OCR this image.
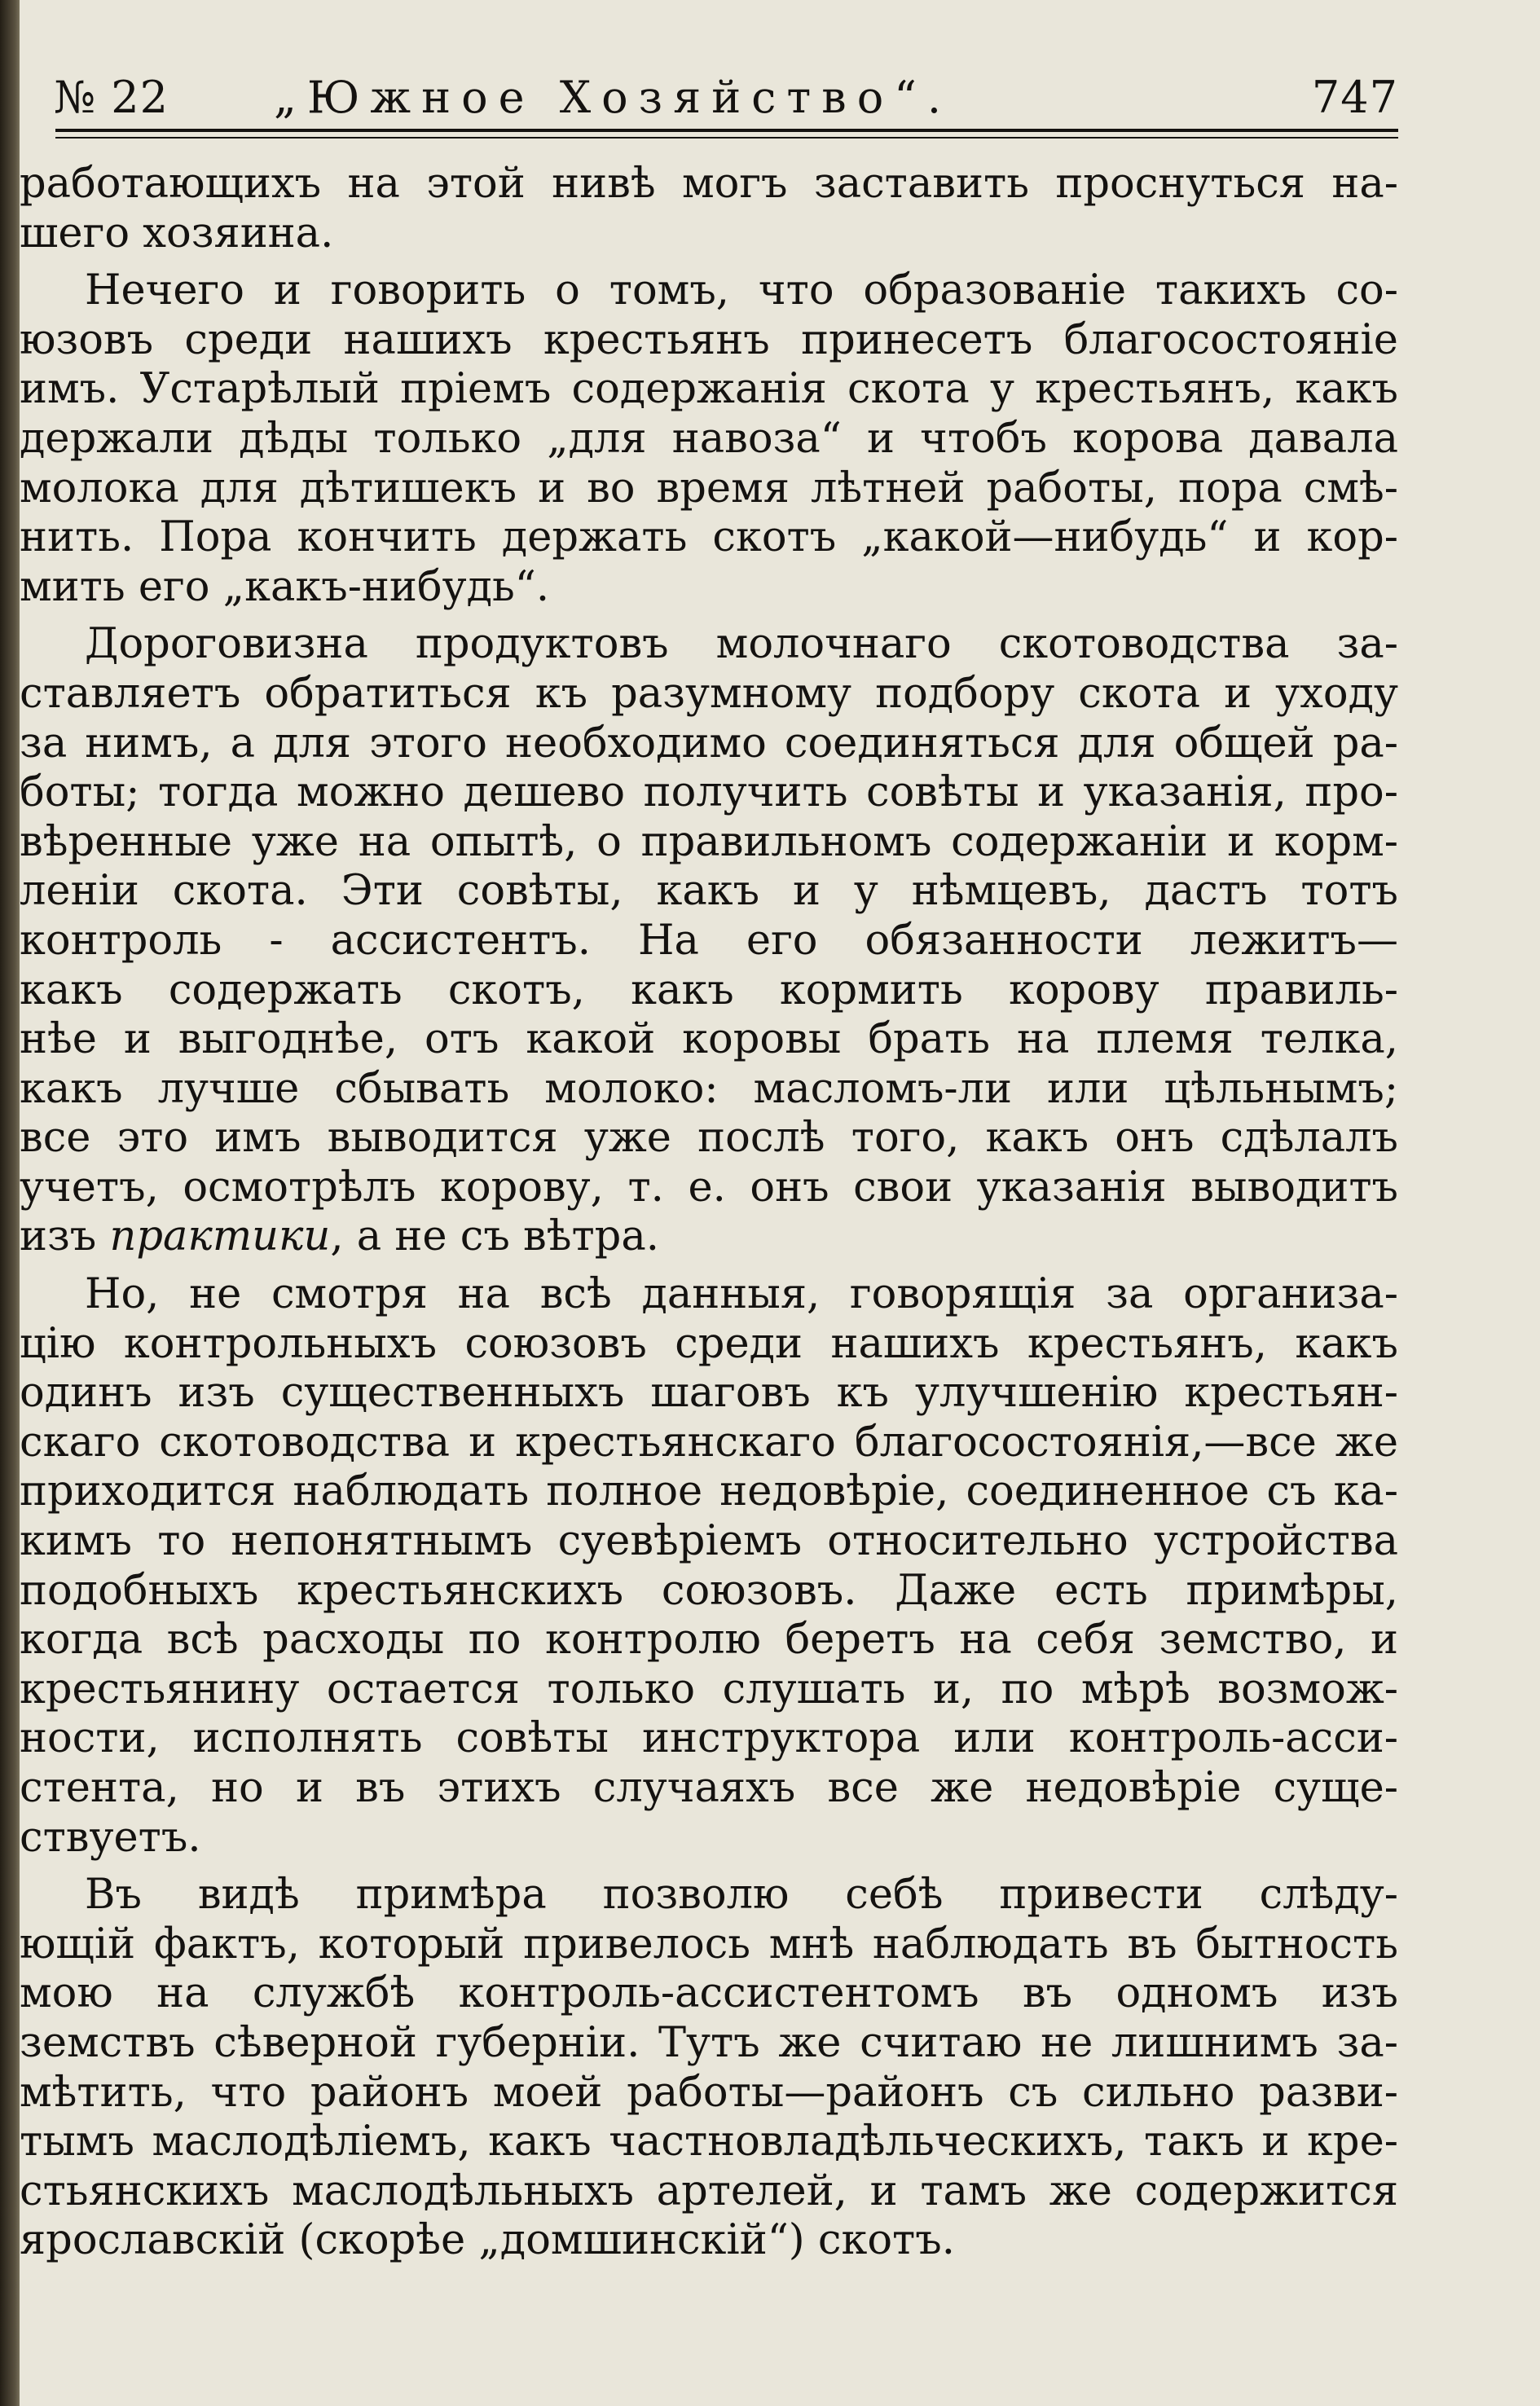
№ 22 „Южное Хозяйство“.	747
работающихъ на этой нивѣ могъ заставить проснуться на-
шего хозяина.
Нечего и говорить о томъ, что образованіе такихъ со-
юзовъ среди нашихъ крестьянъ принесетъ благосостояніе
имъ. Устарѣлый пріемъ содержанія скота у крестьянъ, какъ
держали дѣды только „для навоза“ и чтобъ корова давала
молока для дѣтишекъ и во время лѣтней работы, пора смѣ-
нить. Пора кончить держать скотъ „какой—нибудь“ и кор-
мить его „какъ-нибудь“.
Дороговизна продуктовъ молочнаго скотоводства за-
ставляетъ обратиться къ разумному подбору скота и уходу
за нимъ, а для этого необходимо соединяться для общей ра-
боты; тогда можно дешево получить совѣты и указанія, про-
вѣренные уже на опытѣ, о правильномъ содержаніи и корм-
леніи скота. Эти совѣты, какъ и у нѣмцевъ, дастъ тотъ
контроль - ассистентъ. На его обязанности лежитъ—
какъ содержать скотъ, какъ кормить корову правиль-
нѣе и выгоднѣе, отъ какой коровы брать на племя телка,
какъ лучше сбывать молоко: масломъ-ли или цѣльнымъ;
все это имъ выводится уже послѣ того, какъ онъ сдѣлалъ
учетъ, осмотрѣлъ корову, т. е. онъ свои указанія выводитъ
изъ практики, а не съ вѣтра.
Но, не смотря на всѣ данныя, говорящія за организа-
цію контрольныхъ союзовъ среди нашихъ крестьянъ, какъ
одинъ изъ существенныхъ шаговъ къ улучшенію крестьян-
скаго скотоводства и крестьянскаго благосостоянія,—все же
приходится наблюдать полное недовѣріе, соединенное съ ка-
кимъ то непонятнымъ суевѣріемъ относительно устройства
подобныхъ крестьянскихъ союзовъ. Даже есть примѣры,
когда всѣ расходы по контролю беретъ на себя земство, и
крестьянину остается только слушать и, по мѣрѣ возмож-
ности, исполнять совѣты инструктора или контроль-асси-
стента, но и въ этихъ случаяхъ все же недовѣріе суще-
ствуетъ.
Въ видѣ примѣра позволю себѣ привести слѣду-
ющій фактъ, который привелось мнѣ наблюдать въ бытность
мою на службѣ контроль-ассистентомъ въ одномъ изъ
земствъ сѣверной губерніи. Тутъ же считаю не лишнимъ за-
мѣтить, что районъ моей работы—районъ съ сильно разви-
тымъ маслодѣліемъ, какъ частновладѣльческихъ, такъ и кре-
стьянскихъ маслодѣльныхъ артелей, и тамъ же содержится
ярославскій (скорѣе „домшинскій“) скотъ.
